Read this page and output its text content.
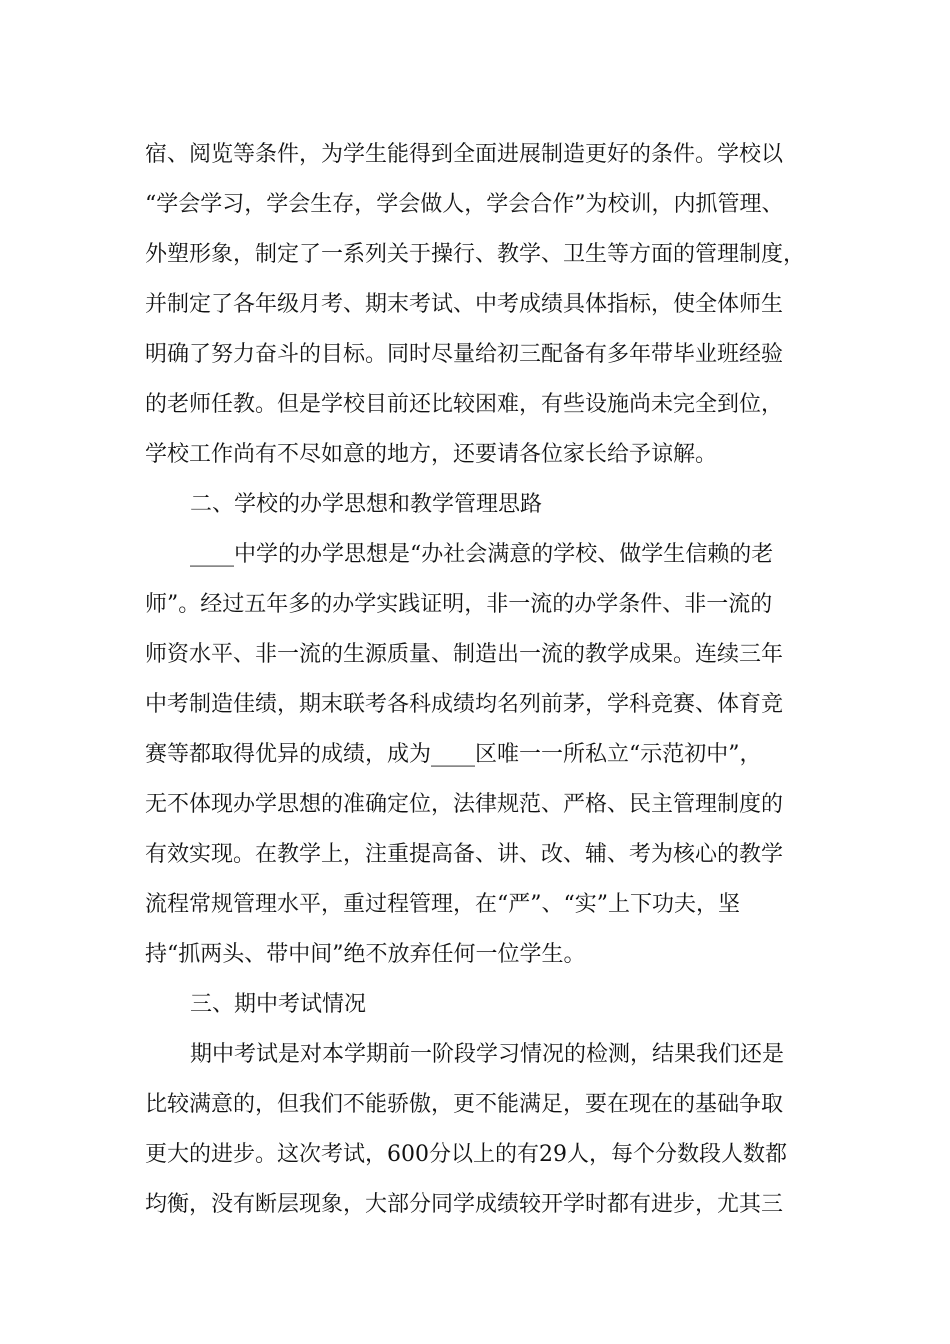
宿、阅览等条件，为学生能得到全面进展制造更好的条件。学校以
“学会学习，学会生存，学会做人，学会合作”为校训，内抓管理、
外塑形象，制定了一系列关于操行、教学、卫生等方面的管理制度，
并制定了各年级月考、期末考试、中考成绩具体指标，使全体师生
明确了努力奋斗的目标。同时尽量给初三配备有多年带毕业班经验
的老师任教。但是学校目前还比较困难，有些设施尚未完全到位，
学校工作尚有不尽如意的地方，还要请各位家长给予谅解。
二、学校的办学思想和教学管理思路
____中学的办学思想是“办社会满意的学校、做学生信赖的老
师”。经过五年多的办学实践证明，非一流的办学条件、非一流的
师资水平、非一流的生源质量、制造出一流的教学成果。连续三年
中考制造佳绩，期末联考各科成绩均名列前茅，学科竞赛、体育竞
赛等都取得优异的成绩，成为____区唯一一所私立“示范初中”，
无不体现办学思想的准确定位，法律规范、严格、民主管理制度的
有效实现。在教学上，注重提高备、讲、改、辅、考为核心的教学
流程常规管理水平，重过程管理，在“严”、“实”上下功夫，坚
持“抓两头、带中间”绝不放弃任何一位学生。
三、期中考试情况
期中考试是对本学期前一阶段学习情况的检测，结果我们还是
比较满意的，但我们不能骄傲，更不能满足，要在现在的基础争取
更大的进步。这次考试，600分以上的有29人，每个分数段人数都
均衡，没有断层现象，大部分同学成绩较开学时都有进步，尤其三
